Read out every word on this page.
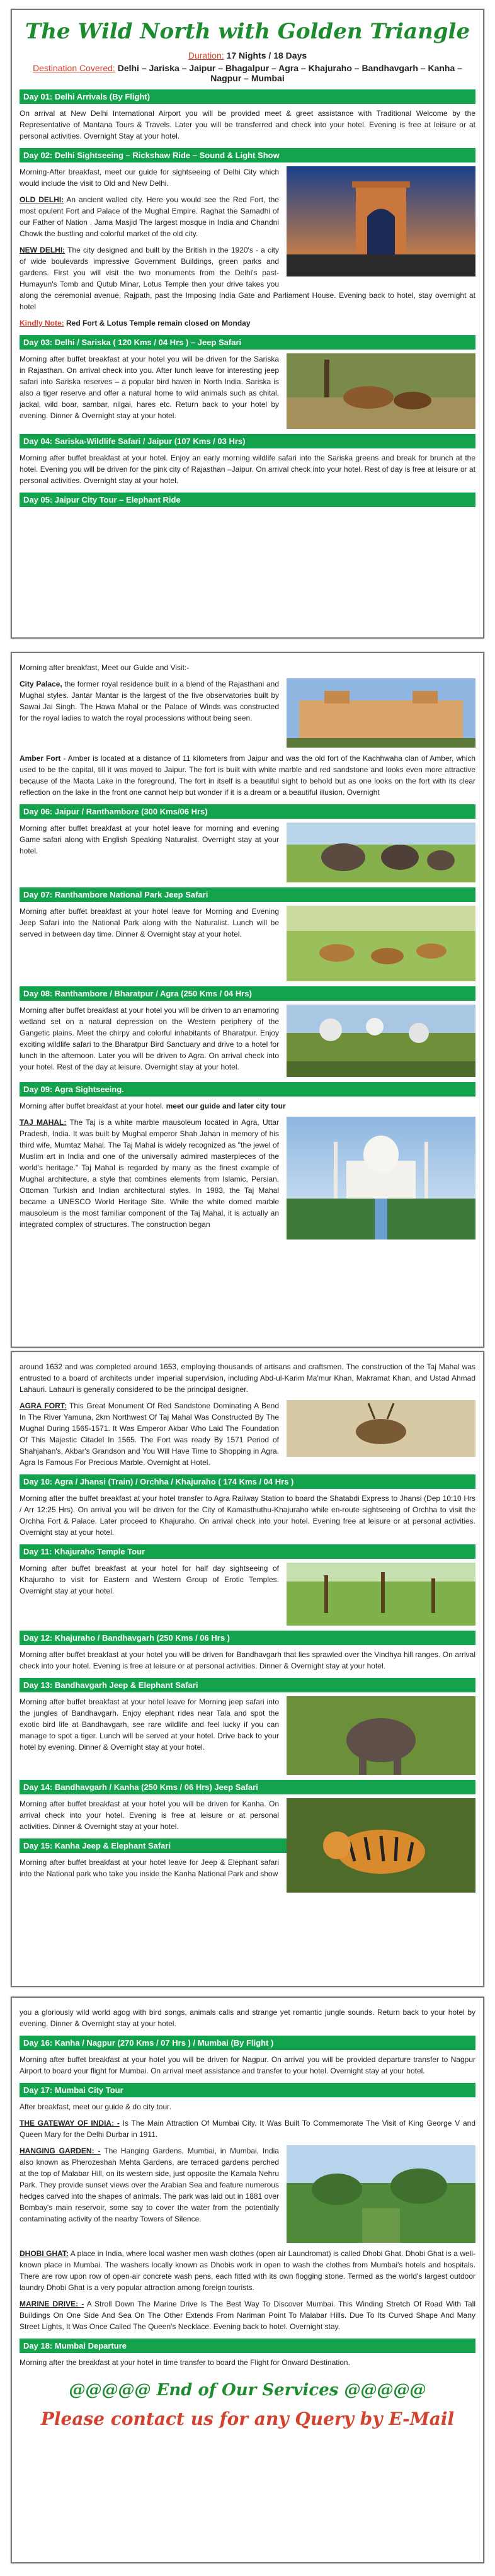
The Wild North with Golden Triangle
Duration: 17 Nights / 18 Days
Destination Covered: Delhi – Jariska – Jaipur – Bhagalpur – Agra – Khajuraho – Bandhavgarh – Kanha – Nagpur – Mumbai
Day 01: Delhi Arrivals (By Flight)

On arrival at New Delhi International Airport you will be provided meet & greet assistance with Traditional Welcome by the Representative of Mantana Tours & Travels. Later you will be transferred and check into your hotel. Evening is free at leisure or at personal activities. Overnight Stay at your hotel.

Day 02: Delhi Sightseeing – Rickshaw Ride – Sound & Light Show

Morning-After breakfast, meet our guide for sightseeing of Delhi City which would include the visit to Old and New Delhi.

OLD DELHI: An ancient walled city. Here you would see the Red Fort, the most opulent Fort and Palace of the Mughal Empire. Raghat the Samadhi of our Father of Nation . Jama Masjid The largest mosque in India and Chandni Chowk the bustling and colorful market of the old city.

NEW DELHI: The city designed and built by the British in the 1920's - a city of wide boulevards impressive Government Buildings, green parks and gardens. First you will visit the two monuments from the Delhi's past-Humayun's Tomb and Qutub Minar, Lotus Temple then your drive takes you along the ceremonial avenue, Rajpath, past the Imposing India Gate and Parliament House. Evening back to hotel, stay overnight at hotel

Kindly Note: Red Fort & Lotus Temple remain closed on Monday

Day 03: Delhi / Sariska ( 120 Kms / 04 Hrs ) – Jeep Safari

Morning after buffet breakfast at your hotel you will be driven for the Sariska in Rajasthan. On arrival check into you. After lunch leave for interesting jeep safari into Sariska reserves – a popular bird haven in North India. Sariska is also a tiger reserve and offer a natural home to wild animals such as chital, jackal, wild boar, sambar, nilgai, hares etc. Return back to your hotel by evening. Dinner & Overnight stay at your hotel.

Day 04: Sariska-Wildlife Safari / Jaipur (107 Kms / 03 Hrs)

Morning after buffet breakfast at your hotel. Enjoy an early morning wildlife safari into the Sariska greens and break for brunch at the hotel. Evening you will be driven for the pink city of Rajasthan –Jaipur. On arrival check into your hotel. Rest of day is free at leisure or at personal activities. Overnight stay at your hotel.

Day 05: Jaipur City Tour – Elephant Ride

Morning after breakfast, Meet our Guide and Visit:-

City Palace, the former royal residence built in a blend of the Rajasthani and Mughal styles. Jantar Mantar is the largest of the five observatories built by Sawai Jai Singh. The Hawa Mahal or the Palace of Winds was constructed for the royal ladies to watch the royal processions without being seen.

Amber Fort - Amber is located at a distance of 11 kilometers from Jaipur and was the old fort of the Kachhwaha clan of Amber, which used to be the capital, till it was moved to Jaipur. The fort is built with white marble and red sandstone and looks even more attractive because of the Maota Lake in the foreground. The fort in itself is a beautiful sight to behold but as one looks on the fort with its clear reflection on the lake in the front one cannot help but wonder if it is a dream or a beautiful illusion. Overnight

Day 06: Jaipur / Ranthambore (300 Kms/06 Hrs)

Morning after buffet breakfast at your hotel leave for morning and evening Game safari along with English Speaking Naturalist. Overnight stay at your hotel.

Day 07: Ranthambore National Park Jeep Safari

Morning after buffet breakfast at your hotel leave for Morning and Evening Jeep Safari into the National Park along with the Naturalist. Lunch will be served in between day time. Dinner & Overnight stay at your hotel.

Day 08: Ranthambore / Bharatpur / Agra (250 Kms / 04 Hrs)

Morning after buffet breakfast at your hotel you will be driven to an enamoring wetland set on a natural depression on the Western periphery of the Gangetic plains. Meet the chirpy and colorful inhabitants of Bharatpur. Enjoy exciting wildlife safari to the Bharatpur Bird Sanctuary and drive to a hotel for lunch in the afternoon. Later you will be driven to Agra. On arrival check into your hotel. Rest of the day at leisure. Overnight stay at your hotel.

Day 09: Agra Sightseeing.

Morning after buffet breakfast at your hotel. meet our guide and later city tour

TAJ MAHAL: The Taj is a white marble mausoleum located in Agra, Uttar Pradesh, India. It was built by Mughal emperor Shah Jahan in memory of his third wife, Mumtaz Mahal. The Taj Mahal is widely recognized as "the jewel of Muslim art in India and one of the universally admired masterpieces of the world's heritage." Taj Mahal is regarded by many as the finest example of Mughal architecture, a style that combines elements from Islamic, Persian, Ottoman Turkish and Indian architectural styles. In 1983, the Taj Mahal became a UNESCO World Heritage Site. While the white domed marble mausoleum is the most familiar component of the Taj Mahal, it is actually an integrated complex of structures. The construction began

around 1632 and was completed around 1653, employing thousands of artisans and craftsmen. The construction of the Taj Mahal was entrusted to a board of architects under imperial supervision, including Abd-ul-Karim Ma'mur Khan, Makramat Khan, and Ustad Ahmad Lahauri. Lahauri is generally considered to be the principal designer.

AGRA FORT: This Great Monument Of Red Sandstone Dominating A Bend In The River Yamuna, 2km Northwest Of Taj Mahal Was Constructed By The Mughal During 1565-1571. It Was Emperor Akbar Who Laid The Foundation Of This Majestic Citadel In 1565. The Fort was ready By 1571 Period of Shahjahan's, Akbar's Grandson and You Will Have Time to Shopping in Agra. Agra Is Famous For Precious Marble. Overnight at Hotel.

Day 10: Agra / Jhansi (Train) / Orchha / Khajuraho ( 174 Kms / 04 Hrs )

Morning after the buffet breakfast at your hotel transfer to Agra Railway Station to board the Shatabdi Express to Jhansi (Dep 10:10 Hrs / Arr 12:25 Hrs). On arrival you will be driven for the City of Kamasthuthu-Khajuraho while en-route sightseeing of Orchha to visit the Orchha Fort & Palace. Later proceed to Khajuraho. On arrival check into your hotel. Evening free at leisure or at personal activities. Overnight stay at your hotel.

Day 11: Khajuraho Temple Tour

Morning after buffet breakfast at your hotel for half day sightseeing of Khajuraho to visit for Eastern and Western Group of Erotic Temples. Overnight stay at your hotel.

Day 12: Khajuraho / Bandhavgarh (250 Kms / 06 Hrs )

Morning after buffet breakfast at your hotel you will be driven for Bandhavgarh that lies sprawled over the Vindhya hill ranges. On arrival check into your hotel. Evening is free at leisure or at personal activities. Dinner & Overnight stay at your hotel.

Day 13: Bandhavgarh Jeep & Elephant Safari

Morning after buffet breakfast at your hotel leave for Morning jeep safari into the jungles of Bandhavgarh. Enjoy elephant rides near Tala and spot the exotic bird life at Bandhavgarh, see rare wildlife and feel lucky if you can manage to spot a tiger. Lunch will be served at your hotel. Drive back to your hotel by evening. Dinner & Overnight stay at your hotel.

Day 14: Bandhavgarh / Kanha (250 Kms / 06 Hrs) Jeep Safari

Morning after buffet breakfast at your hotel you will be driven for Kanha. On arrival check into your hotel. Evening is free at leisure or at personal activities. Dinner & Overnight stay at your hotel.

Day 15: Kanha Jeep & Elephant Safari

Morning after buffet breakfast at your hotel leave for Jeep & Elephant safari into the National park who take you inside the Kanha National Park and show

you a gloriously wild world agog with bird songs, animals calls and strange yet romantic jungle sounds. Return back to your hotel by evening. Dinner & Overnight stay at your hotel.

Day 16: Kanha / Nagpur (270 Kms / 07 Hrs ) / Mumbai (By Flight )

Morning after buffet breakfast at your hotel you will be driven for Nagpur. On arrival you will be provided departure transfer to Nagpur Airport to board your flight for Mumbai. On arrival meet assistance and transfer to your hotel. Overnight stay at your hotel.

Day 17: Mumbai City Tour

After breakfast, meet our guide & do city tour.

THE GATEWAY OF INDIA: - Is The Main Attraction Of Mumbai City. It Was Built To Commemorate The Visit of King George V and Queen Mary for the Delhi Durbar in 1911.

HANGING GARDEN: - The Hanging Gardens, Mumbai, in Mumbai, India also known as Pherozeshah Mehta Gardens, are terraced gardens perched at the top of Malabar Hill, on its western side, just opposite the Kamala Nehru Park. They provide sunset views over the Arabian Sea and feature numerous hedges carved into the shapes of animals. The park was laid out in 1881 over Bombay's main reservoir, some say to cover the water from the potentially contaminating activity of the nearby Towers of Silence.

DHOBI GHAT: A place in India, where local washer men wash clothes (open air Laundromat) is called Dhobi Ghat. Dhobi Ghat is a well-known place in Mumbai. The washers locally known as Dhobis work in open to wash the clothes from Mumbai's hotels and hospitals. There are row upon row of open-air concrete wash pens, each fitted with its own flogging stone. Termed as the world's largest outdoor laundry Dhobi Ghat is a very popular attraction among foreign tourists.

MARINE DRIVE: - A Stroll Down The Marine Drive Is The Best Way To Discover Mumbai. This Winding Stretch Of Road With Tall Buildings On One Side And Sea On The Other Extends From Nariman Point To Malabar Hills. Due To Its Curved Shape And Many Street Lights, It Was Once Called The Queen's Necklace. Evening back to hotel. Overnight stay.

Day 18: Mumbai Departure

Morning after the breakfast at your hotel in time transfer to board the Flight for Onward Destination.

@@@@@ End of Our Services @@@@@
Please contact us for any Query by E-Mail
